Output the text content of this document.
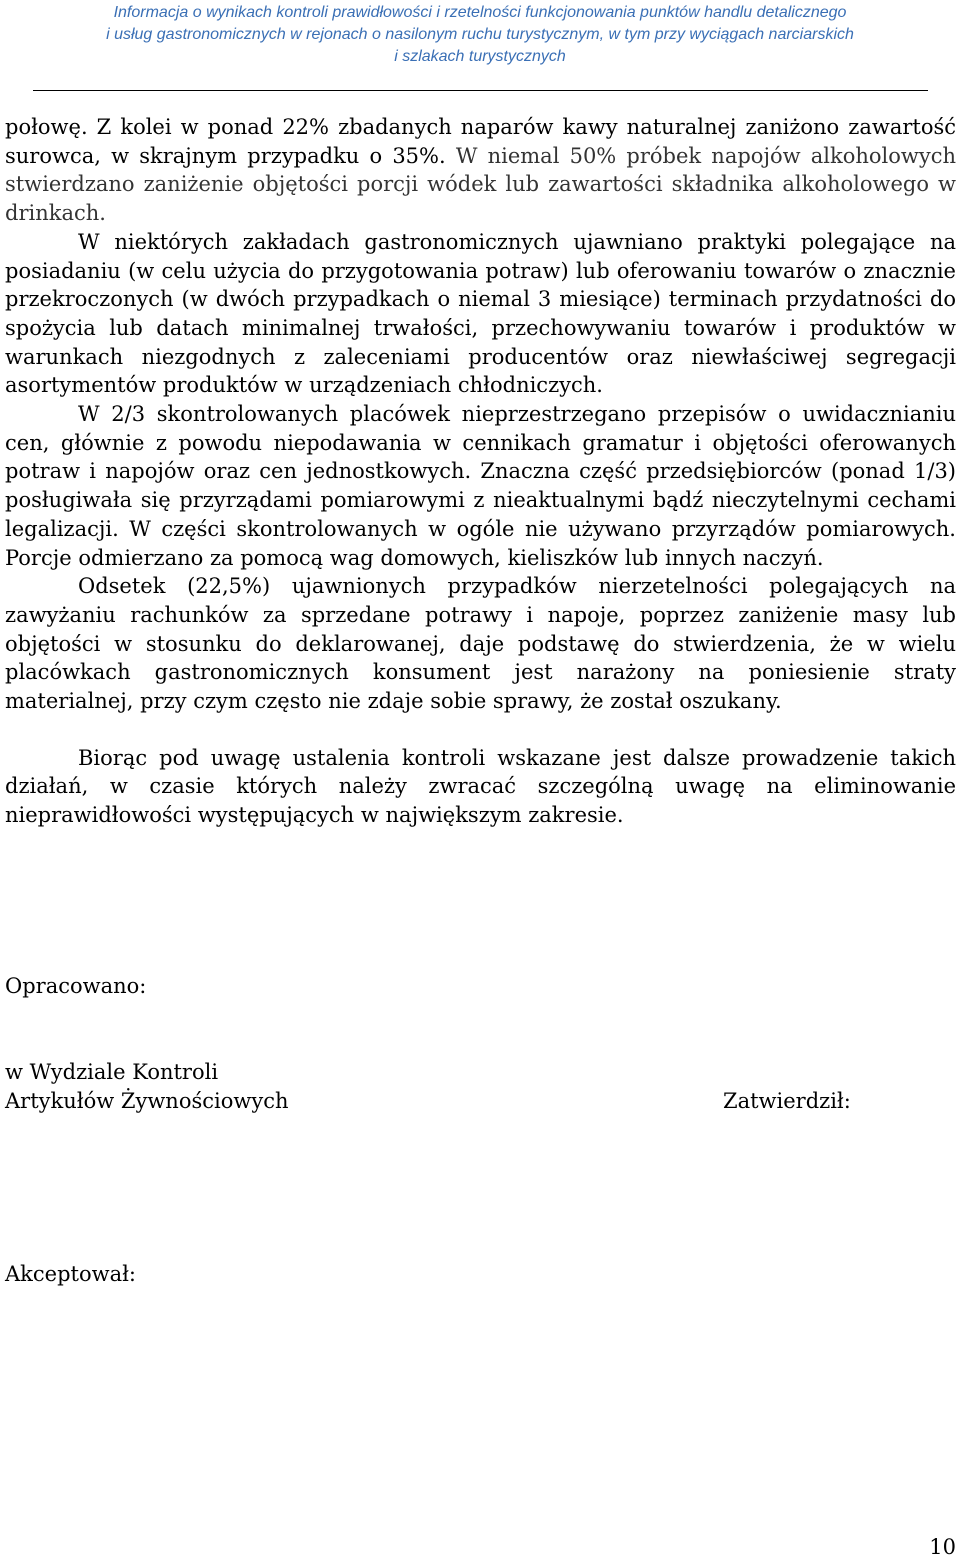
Informacja o wynikach kontroli prawidłowości i rzetelności funkcjonowania punktów handlu detalicznego
i usług gastronomicznych w rejonach o nasilonym ruchu turystycznym, w tym przy wyciągach narciarskich
i szlakach turystycznych

połowę. Z kolei w ponad 22% zbadanych naparów kawy naturalnej zaniżono zawartość surowca, w skrajnym przypadku o 35%. W niemal 50% próbek napojów alkoholowych stwierdzano zaniżenie objętości porcji wódek lub zawartości składnika alkoholowego w drinkach.

W niektórych zakładach gastronomicznych ujawniano praktyki polegające na posiadaniu (w celu użycia do przygotowania potraw) lub oferowaniu towarów o znacznie przekroczonych (w dwóch przypadkach o niemal 3 miesiące) terminach przydatności do spożycia lub datach minimalnej trwałości, przechowywaniu towarów i produktów w warunkach niezgodnych z zaleceniami producentów oraz niewłaściwej segregacji asortymentów produktów w urządzeniach chłodniczych.

W 2/3 skontrolowanych placówek nieprzestrzegano przepisów o uwidacznianiu cen, głównie z powodu niepodawania w cennikach gramatur i objętości oferowanych potraw i napojów oraz cen jednostkowych. Znaczna część przedsiębiorców (ponad 1/3) posługiwała się przyrządami pomiarowymi z nieaktualnymi bądź nieczytelnymi cechami legalizacji. W części skontrolowanych w ogóle nie używano przyrządów pomiarowych. Porcje odmierzano za pomocą wag domowych, kieliszków lub innych naczyń.

Odsetek (22,5%) ujawnionych przypadków nierzetelności polegających na zawyżaniu rachunków za sprzedane potrawy i napoje, poprzez zaniżenie masy lub objętości w stosunku do deklarowanej, daje podstawę do stwierdzenia, że w wielu placówkach gastronomicznych konsument jest narażony na poniesienie straty materialnej, przy czym często nie zdaje sobie sprawy, że został oszukany.

Biorąc pod uwagę ustalenia kontroli wskazane jest dalsze prowadzenie takich działań, w czasie których należy zwracać szczególną uwagę na eliminowanie nieprawidłowości występujących w największym zakresie.

Opracowano:
w Wydziale Kontroli
Artykułów Żywnościowych	Zatwierdził:
Akceptował:
10
